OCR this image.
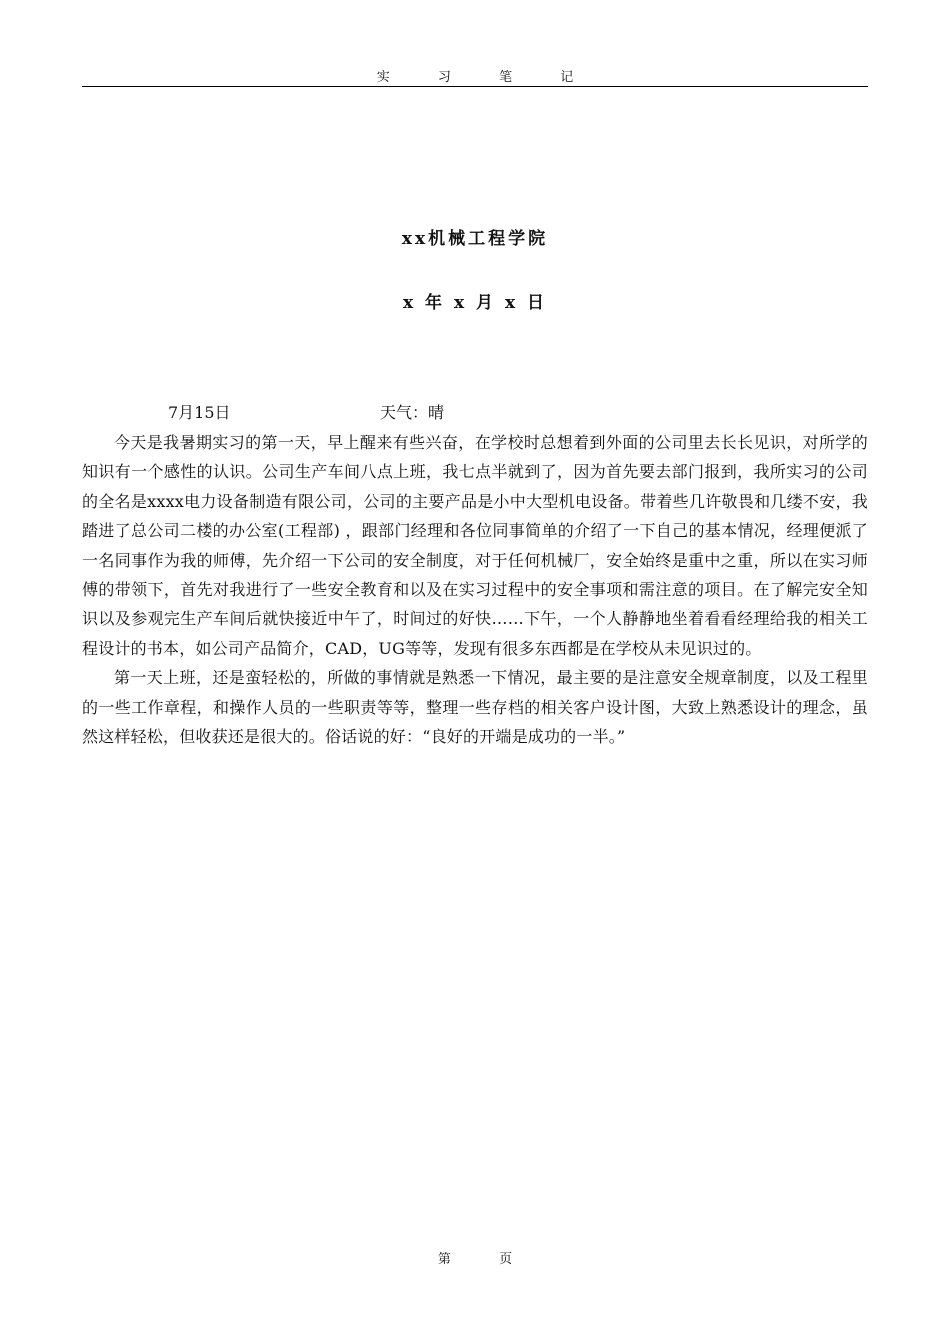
实	习	笔	记
xx机械工程学院
x 年 x 月 x 日
7月15日	天气：晴

今天是我暑期实习的第一天，早上醒来有些兴奋，在学校时总想着到外面的公司里去长长见识，对所学的知识有一个感性的认识。公司生产车间八点上班，我七点半就到了，因为首先要去部门报到，我所实习的公司的全名是xxxx电力设备制造有限公司，公司的主要产品是小中大型机电设备。带着些几许敬畏和几缕不安，我踏进了总公司二楼的办公室(工程部) ，跟部门经理和各位同事简单的介绍了一下自己的基本情况，经理便派了一名同事作为我的师傅，先介绍一下公司的安全制度，对于任何机械厂，安全始终是重中之重，所以在实习师傅的带领下，首先对我进行了一些安全教育和以及在实习过程中的安全事项和需注意的项目。在了解完安全知识以及参观完生产车间后就快接近中午了，时间过的好快……下午，一个人静静地坐着看看经理给我的相关工程设计的书本，如公司产品简介，CAD，UG等等，发现有很多东西都是在学校从未见识过的。

第一天上班，还是蛮轻松的，所做的事情就是熟悉一下情况，最主要的是注意安全规章制度，以及工程里的一些工作章程，和操作人员的一些职责等等，整理一些存档的相关客户设计图，大致上熟悉设计的理念，虽然这样轻松，但收获还是很大的。俗话说的好：“良好的开端是成功的一半。”

第	页
